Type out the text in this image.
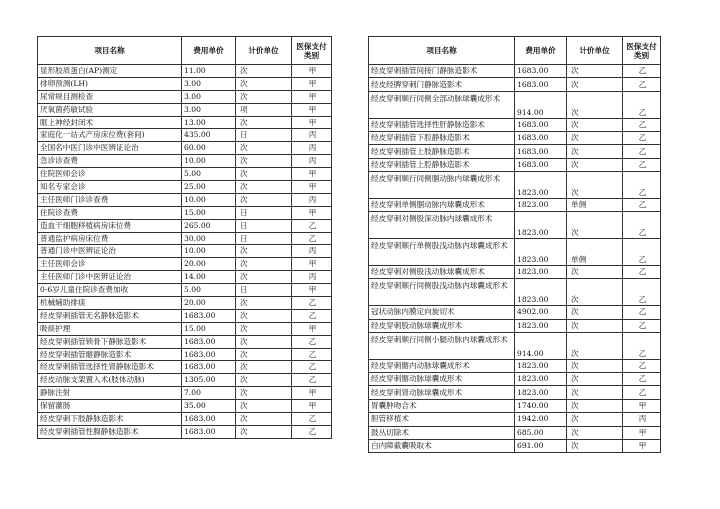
项目名称	费用单价	计价单位	医保支付类别
显形胶质蛋白(AP)测定	11.00	次	甲
排卵预测(LH)	3.00	次	甲
尿常规目测检查	3.00	次	甲
厌氧菌药敏试验	3.00	项	甲
眶上神经封闭术	13.00	次	甲
家庭化一站式产房床位费(套间)	435.00	日	丙
全国名中医门诊中医辨证论治	60.00	次	丙
急诊诊查费	10.00	次	丙
住院医师会诊	5.00	次	甲
知名专家会诊	25.00	次	甲
主任医师门诊诊查费	10.00	次	丙
住院诊查费	15.00	日	甲
造血干细胞移植病房床位费	265.00	日	乙
普通监护病房床位费	30.00	日	乙
普通门诊中医辨证论治	10.00	次	丙
主任医师会诊	20.00	次	甲
主任医师门诊中医辨证论治	14.00	次	丙
0-6岁儿童住院诊查费加收	5.00	日	甲
机械辅助排痰	20.00	次	乙
经皮穿刺插管无名静脉造影术	1683.00	次	乙
吸痰护理	15.00	次	甲
经皮穿刺插管锁骨下静脉造影术	1683.00	次	乙
经皮穿刺插管髂静脉造影术	1683.00	次	乙
经皮穿刺插管选择性肾静脉造影术	1683.00	次	乙
经皮动脉支架置入术(肢体动脉)	1305.00	次	乙
静脉注射	7.00	次	甲
保留灌肠	35.00	次	甲
经皮穿刺下肢静脉造影术	1683.00	次	乙
经皮穿刺插管性腺静脉造影术	1683.00	次	乙
项目名称	费用单价	计价单位	医保支付类别
经皮穿刺插管间接门静脉造影术	1683.00	次	乙
经皮经脾穿刺门静脉造影术	1683.00	次	乙
经皮穿刺顺行同侧全部动脉球囊成形术	914.00	次	乙
经皮穿刺插管选择性肝静脉造影术	1683.00	次	乙
经皮穿刺插管下腔静脉造影术	1683.00	次	乙
经皮穿刺插管上肢静脉造影术	1683.00	次	乙
经皮穿刺插管上腔静脉造影术	1683.00	次	乙
经皮穿刺顺行同侧腘动脉内球囊成形术	1823.00	次	乙
经皮穿刺单侧腘动脉内球囊成形术	1823.00	单侧	乙
经皮穿刺对侧股深动脉内球囊成形术	1823.00	次	乙
经皮穿刺顺行单侧股浅动脉内球囊成形术	1823.00	单侧	乙
经皮穿刺对侧股浅动脉球囊成形术	1823.00	次	乙
经皮穿刺顺行同侧股浅动脉内球囊成形术	1823.00	次	乙
冠状动脉内膜定向旋切术	4902.00	次	乙
经皮穿刺股动脉球囊成形术	1823.00	次	乙
经皮穿刺顺行同侧小腿动脉内球囊成形术	914.00	次	乙
经皮穿刺髂内动脉球囊成形术	1823.00	次	乙
经皮穿刺髂动脉球囊成形术	1823.00	次	乙
经皮穿刺肾动脉球囊成形术	1823.00	次	乙
胃囊肿吻合术	1740.00	次	甲
胆管移植术	1942.00	次	丙
鼓丛切除术	685.00	次	甲
白内障截囊吸取术	691.00	次	甲
